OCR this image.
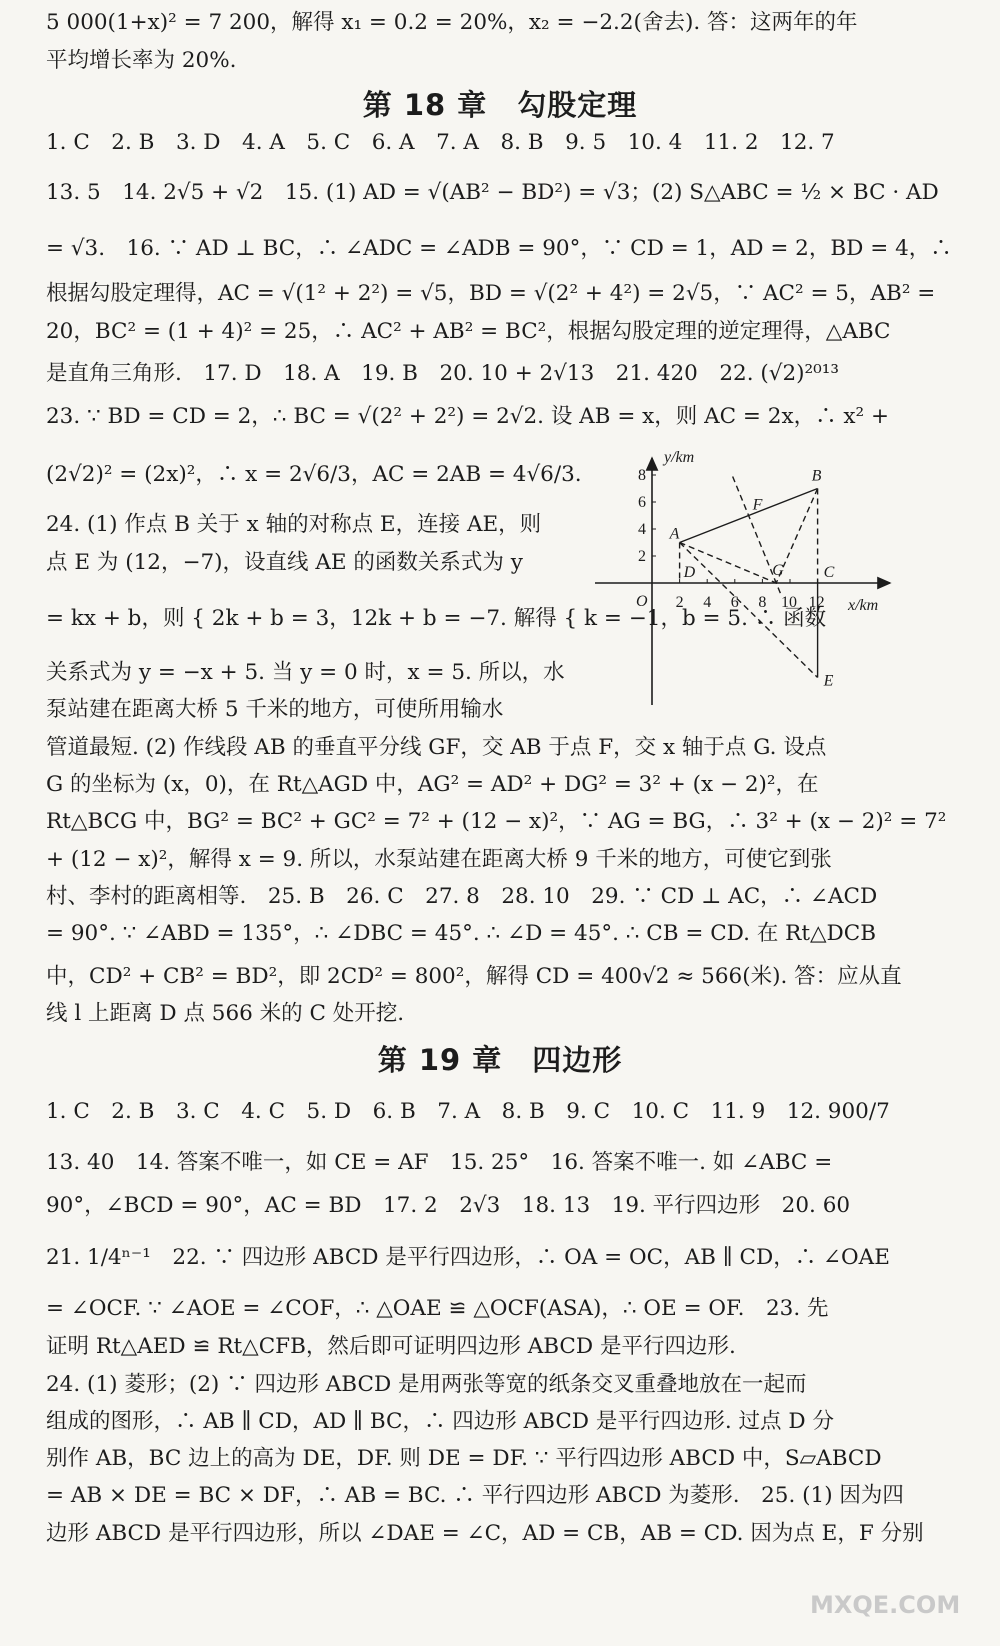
5 000(1+x)² = 7 200，解得 x₁ = 0.2 = 20%，x₂ = −2.2(舍去). 答：这两年的年
平均增长率为 20%.
第 18 章　勾股定理
1. C　2. B　3. D　4. A　5. C　6. A　7. A　8. B　9. 5　10. 4　11. 2　12. 7
13. 5　14. 2√5 + √2　15. (1) AD = √(AB² − BD²) = √3；(2) S△ABC = ½ × BC · AD
= √3.　16. ∵ AD ⊥ BC，∴ ∠ADC = ∠ADB = 90°，∵ CD = 1，AD = 2，BD = 4，∴
根据勾股定理得，AC = √(1² + 2²) = √5，BD = √(2² + 4²) = 2√5，∵ AC² = 5，AB² =
20，BC² = (1 + 4)² = 25，∴ AC² + AB² = BC²，根据勾股定理的逆定理得，△ABC
是直角三角形.　17. D　18. A　19. B　20. 10 + 2√13　21. 420　22. (√2)²⁰¹³
23. ∵ BD = CD = 2，∴ BC = √(2² + 2²) = 2√2. 设 AB = x，则 AC = 2x，∴ x² +
(2√2)² = (2x)²，∴ x = 2√6/3，AC = 2AB = 4√6/3.
24. (1) 作点 B 关于 x 轴的对称点 E，连接 AE，则
点 E 为 (12，−7)，设直线 AE 的函数关系式为 y
= kx + b，则 { 2k + b = 3，12k + b = −7. 解得 { k = −1，b = 5. ∴ 函数
关系式为 y = −x + 5. 当 y = 0 时，x = 5. 所以，水
泵站建在距离大桥 5 千米的地方，可使所用输水
管道最短. (2) 作线段 AB 的垂直平分线 GF，交 AB 于点 F，交 x 轴于点 G. 设点
G 的坐标为 (x，0)，在 Rt△AGD 中，AG² = AD² + DG² = 3² + (x − 2)²，在
Rt△BCG 中，BG² = BC² + GC² = 7² + (12 − x)²，∵ AG = BG，∴ 3² + (x − 2)² = 7²
+ (12 − x)²，解得 x = 9. 所以，水泵站建在距离大桥 9 千米的地方，可使它到张
村、李村的距离相等.　25. B　26. C　27. 8　28. 10　29. ∵ CD ⊥ AC，∴ ∠ACD
= 90°. ∵ ∠ABD = 135°，∴ ∠DBC = 45°. ∴ ∠D = 45°. ∴ CB = CD. 在 Rt△DCB
中，CD² + CB² = BD²，即 2CD² = 800²，解得 CD = 400√2 ≈ 566(米). 答：应从直
线 l 上距离 D 点 566 米的 C 处开挖.
第 19 章　四边形
1. C　2. B　3. C　4. C　5. D　6. B　7. A　8. B　9. C　10. C　11. 9　12. 900/7
13. 40　14. 答案不唯一，如 CE = AF　15. 25°　16. 答案不唯一. 如 ∠ABC =
90°，∠BCD = 90°，AC = BD　17. 2　2√3　18. 13　19. 平行四边形　20. 60
21. 1/4ⁿ⁻¹　22. ∵ 四边形 ABCD 是平行四边形，∴ OA = OC，AB ∥ CD，∴ ∠OAE
= ∠OCF. ∵ ∠AOE = ∠COF，∴ △OAE ≌ △OCF(ASA)，∴ OE = OF.　23. 先
证明 Rt△AED ≌ Rt△CFB，然后即可证明四边形 ABCD 是平行四边形.
24. (1) 菱形；(2) ∵ 四边形 ABCD 是用两张等宽的纸条交叉重叠地放在一起而
组成的图形，∴ AB ∥ CD，AD ∥ BC，∴ 四边形 ABCD 是平行四边形. 过点 D 分
别作 AB，BC 边上的高为 DE，DF. 则 DE = DF. ∵ 平行四边形 ABCD 中，S▱ABCD
= AB × DE = BC × DF，∴ AB = BC. ∴ 平行四边形 ABCD 为菱形.　25. (1) 因为四
边形 ABCD 是平行四边形，所以 ∠DAE = ∠C，AD = CB，AB = CD. 因为点 E，F 分别
y/km
x/km
O 2 4 6 8 10 12
2
4
6
8
A
B
C
D
E
F
G
MXQE.COM
